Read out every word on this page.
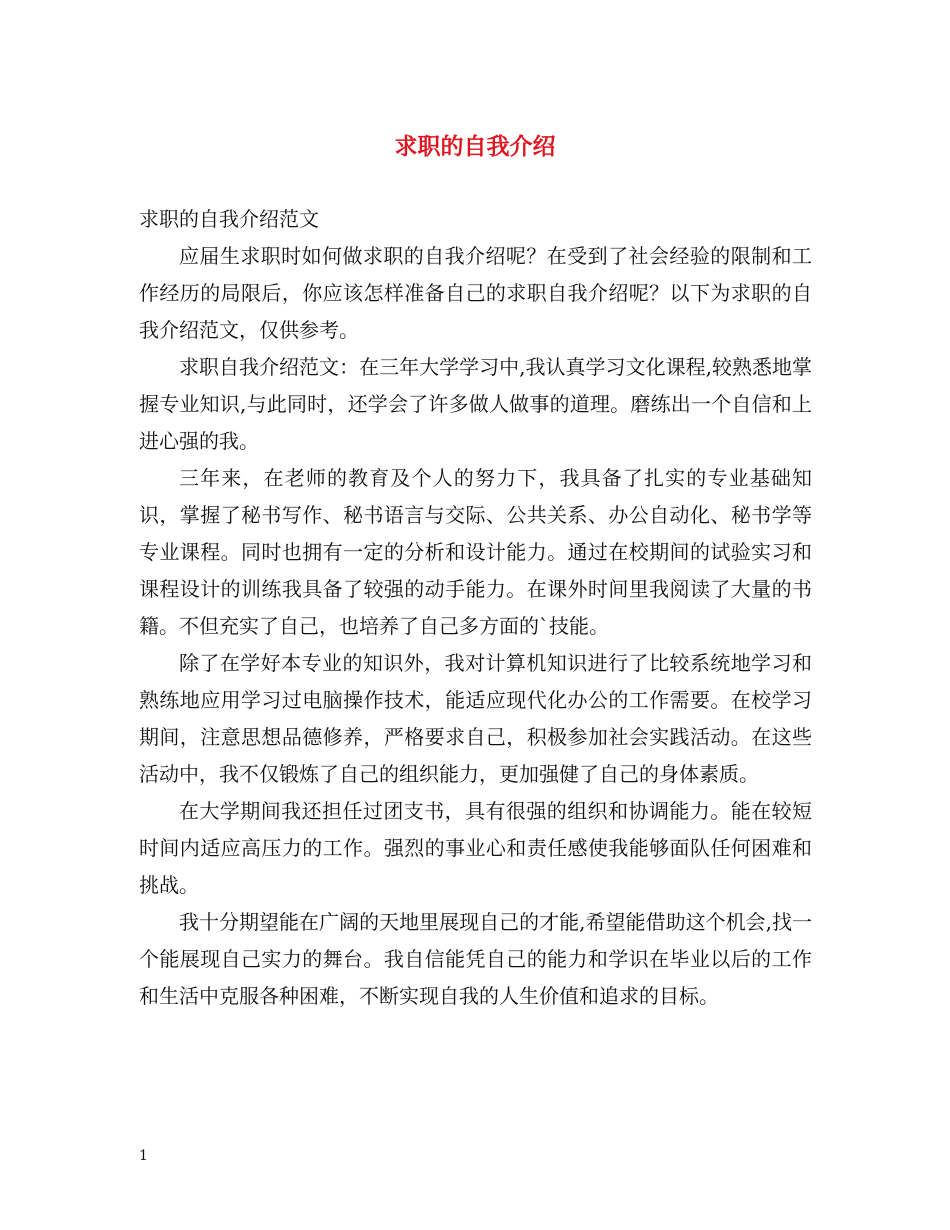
求职的自我介绍

求职的自我介绍范文

应届生求职时如何做求职的自我介绍呢？在受到了社会经验的限制和工作经历的局限后，你应该怎样准备自己的求职自我介绍呢？以下为求职的自我介绍范文，仅供参考。

求职自我介绍范文：在三年大学学习中,我认真学习文化课程,较熟悉地掌握专业知识,与此同时，还学会了许多做人做事的道理。磨练出一个自信和上进心强的我。

三年来，在老师的教育及个人的努力下，我具备了扎实的专业基础知识，掌握了秘书写作、秘书语言与交际、公共关系、办公自动化、秘书学等专业课程。同时也拥有一定的分析和设计能力。通过在校期间的试验实习和课程设计的训练我具备了较强的动手能力。在课外时间里我阅读了大量的书籍。不但充实了自己，也培养了自己多方面的`技能。

除了在学好本专业的知识外，我对计算机知识进行了比较系统地学习和熟练地应用学习过电脑操作技术，能适应现代化办公的工作需要。在校学习期间，注意思想品德修养，严格要求自己，积极参加社会实践活动。在这些活动中，我不仅锻炼了自己的组织能力，更加强健了自己的身体素质。

在大学期间我还担任过团支书，具有很强的组织和协调能力。能在较短时间内适应高压力的工作。强烈的事业心和责任感使我能够面队任何困难和挑战。

我十分期望能在广阔的天地里展现自己的才能,希望能借助这个机会,找一个能展现自己实力的舞台。我自信能凭自己的能力和学识在毕业以后的工作和生活中克服各种困难，不断实现自我的人生价值和追求的目标。

1
